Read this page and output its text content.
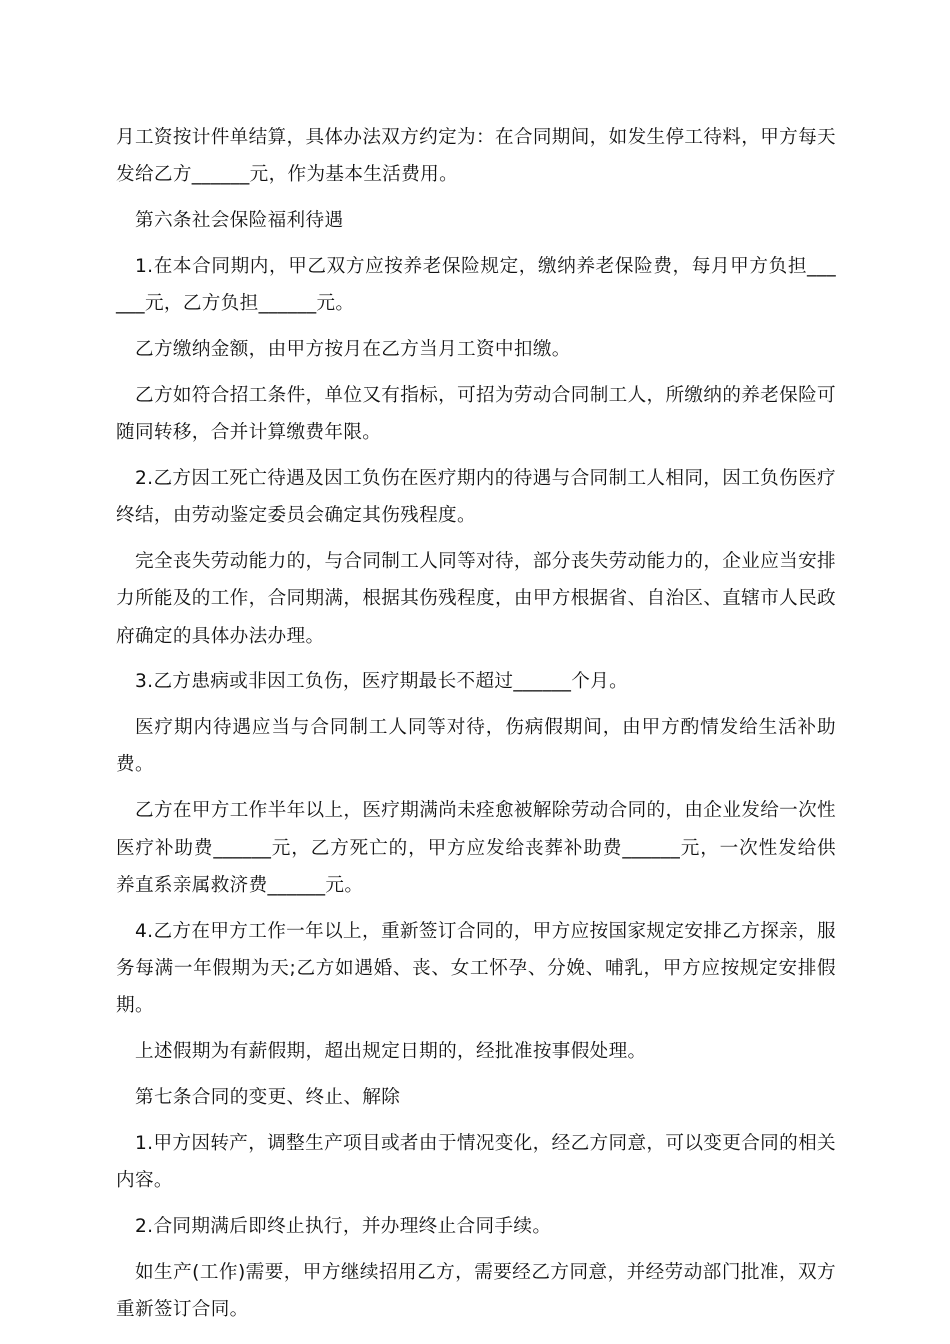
月工资按计件单结算，具体办法双方约定为：在合同期间，如发生停工待料，甲方每天发给乙方______元，作为基本生活费用。

第六条社会保险福利待遇

1.在本合同期内，甲乙双方应按养老保险规定，缴纳养老保险费，每月甲方负担______元，乙方负担______元。

乙方缴纳金额，由甲方按月在乙方当月工资中扣缴。

乙方如符合招工条件，单位又有指标，可招为劳动合同制工人，所缴纳的养老保险可随同转移，合并计算缴费年限。

2.乙方因工死亡待遇及因工负伤在医疗期内的待遇与合同制工人相同，因工负伤医疗终结，由劳动鉴定委员会确定其伤残程度。

完全丧失劳动能力的，与合同制工人同等对待，部分丧失劳动能力的，企业应当安排力所能及的工作，合同期满，根据其伤残程度，由甲方根据省、自治区、直辖市人民政府确定的具体办法办理。

3.乙方患病或非因工负伤，医疗期最长不超过______个月。

医疗期内待遇应当与合同制工人同等对待，伤病假期间，由甲方酌情发给生活补助费。

乙方在甲方工作半年以上，医疗期满尚未痊愈被解除劳动合同的，由企业发给一次性医疗补助费______元，乙方死亡的，甲方应发给丧葬补助费______元，一次性发给供养直系亲属救济费______元。

4.乙方在甲方工作一年以上，重新签订合同的，甲方应按国家规定安排乙方探亲，服务每满一年假期为天;乙方如遇婚、丧、女工怀孕、分娩、哺乳，甲方应按规定安排假期。

上述假期为有薪假期，超出规定日期的，经批准按事假处理。

第七条合同的变更、终止、解除

1.甲方因转产，调整生产项目或者由于情况变化，经乙方同意，可以变更合同的相关内容。

2.合同期满后即终止执行，并办理终止合同手续。

如生产(工作)需要，甲方继续招用乙方，需要经乙方同意，并经劳动部门批准，双方重新签订合同。
